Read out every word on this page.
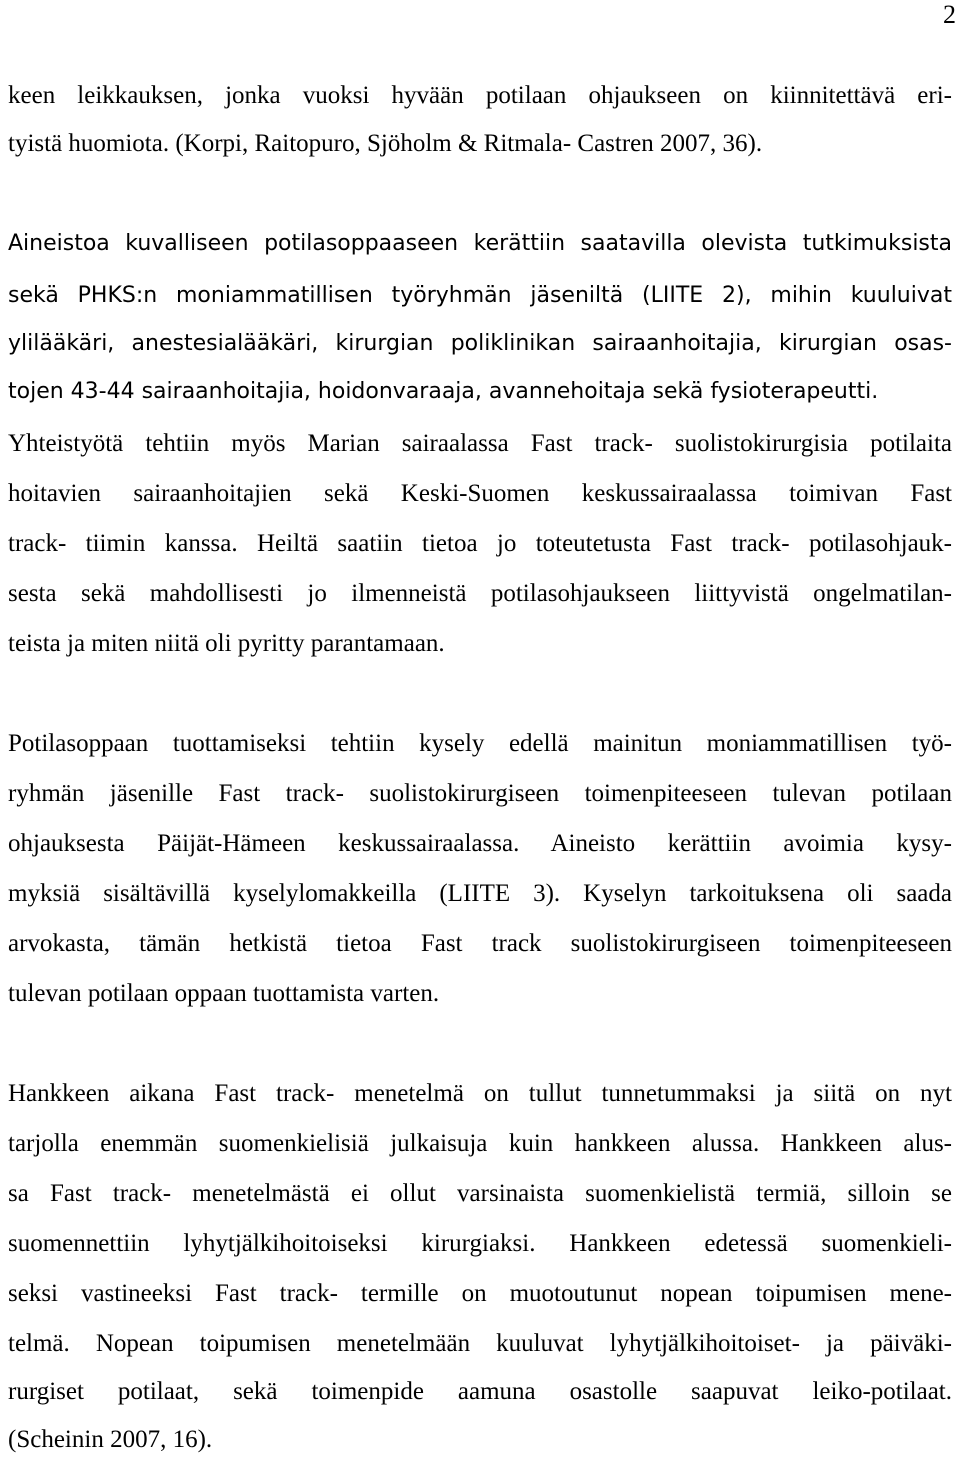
2
keen leikkauksen, jonka vuoksi hyvään potilaan ohjaukseen on kiinnitettävä eri-
tyistä huomiota. (Korpi, Raitopuro, Sjöholm & Ritmala- Castren 2007, 36).
Aineistoa kuvalliseen potilasoppaaseen kerättiin saatavilla olevista tutkimuksista
sekä PHKS:n moniammatillisen työryhmän jäseniltä (LIITE 2), mihin kuuluivat
ylilääkäri, anestesialääkäri, kirurgian poliklinikan sairaanhoitajia, kirurgian osas-
tojen 43-44 sairaanhoitajia, hoidonvaraaja, avannehoitaja sekä fysioterapeutti.
Yhteistyötä tehtiin myös Marian sairaalassa Fast track- suolistokirurgisia potilaita
hoitavien sairaanhoitajien sekä Keski-Suomen keskussairaalassa toimivan Fast
track- tiimin kanssa. Heiltä saatiin tietoa jo toteutetusta Fast track- potilasohjauk-
sesta sekä mahdollisesti jo ilmenneistä potilasohjaukseen liittyvistä ongelmatilan-
teista ja miten niitä oli pyritty parantamaan.
Potilasoppaan tuottamiseksi tehtiin kysely edellä mainitun moniammatillisen työ-
ryhmän jäsenille Fast track- suolistokirurgiseen toimenpiteeseen tulevan potilaan
ohjauksesta Päijät-Hämeen keskussairaalassa. Aineisto kerättiin avoimia kysy-
myksiä sisältävillä kyselylomakkeilla (LIITE 3). Kyselyn tarkoituksena oli saada
arvokasta, tämän hetkistä tietoa Fast track suolistokirurgiseen toimenpiteeseen
tulevan potilaan oppaan tuottamista varten.
Hankkeen aikana Fast track- menetelmä on tullut tunnetummaksi ja siitä on nyt
tarjolla enemmän suomenkielisiä julkaisuja kuin hankkeen alussa. Hankkeen alus-
sa Fast track- menetelmästä ei ollut varsinaista suomenkielistä termiä, silloin se
suomennettiin lyhytjälkihoitoiseksi kirurgiaksi. Hankkeen edetessä suomenkieli-
seksi vastineeksi Fast track- termille on muotoutunut nopean toipumisen mene-
telmä. Nopean toipumisen menetelmään kuuluvat lyhytjälkihoitoiset- ja päiväki-
rurgiset potilaat, sekä toimenpide aamuna osastolle saapuvat leiko-potilaat.
(Scheinin 2007, 16).
